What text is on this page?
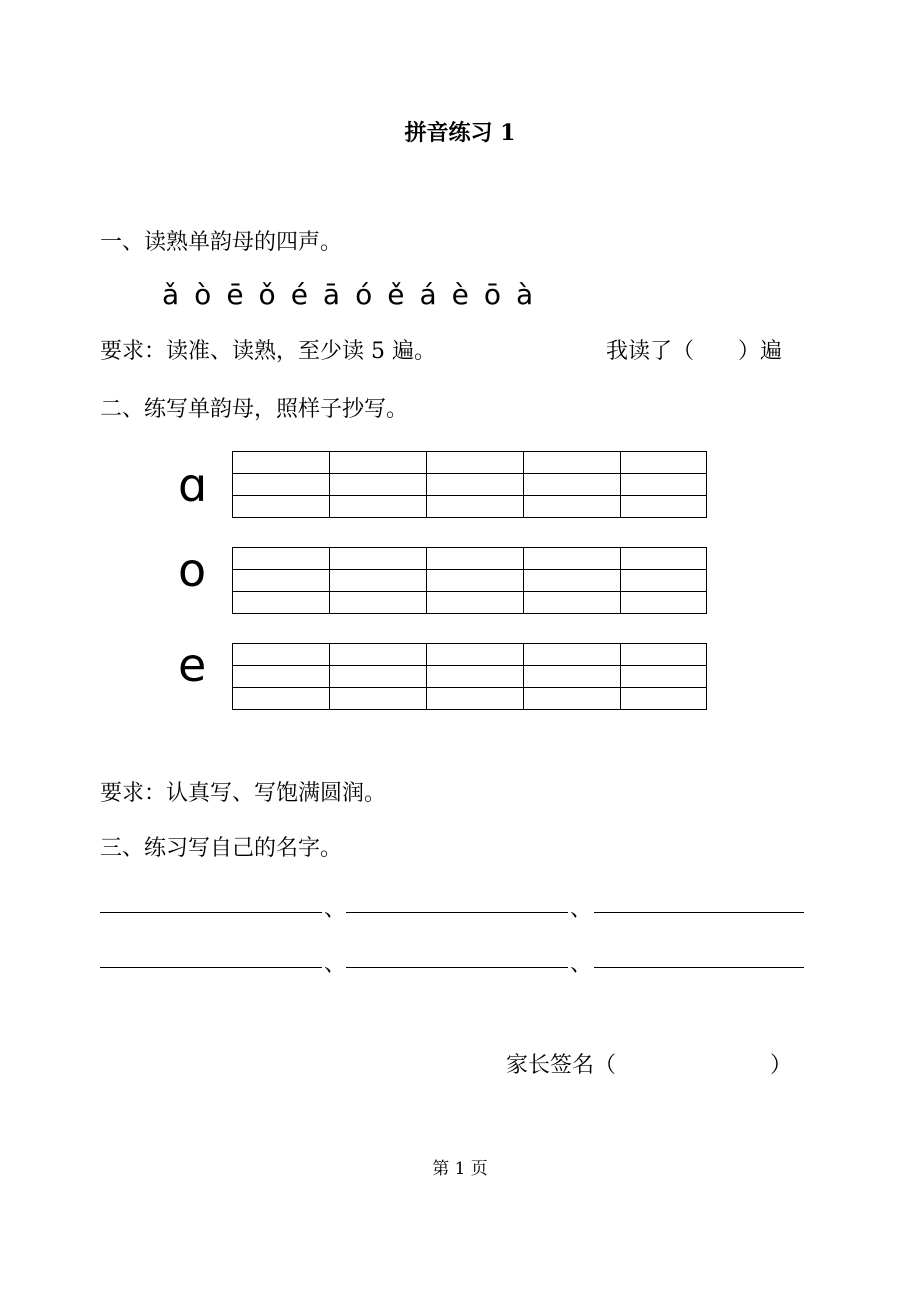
拼音练习 1
一、读熟单韵母的四声。
ǎ ò ē ǒ é ā ó ě á è ō à
要求：读准、读熟，至少读 5 遍。	我读了（　　）遍
二、练写单韵母，照样子抄写。
ɑ

o

e

要求：认真写、写饱满圆润。
三、练习写自己的名字。
、	、
、	、
家长签名（　　　　　　　）
第 1 页
